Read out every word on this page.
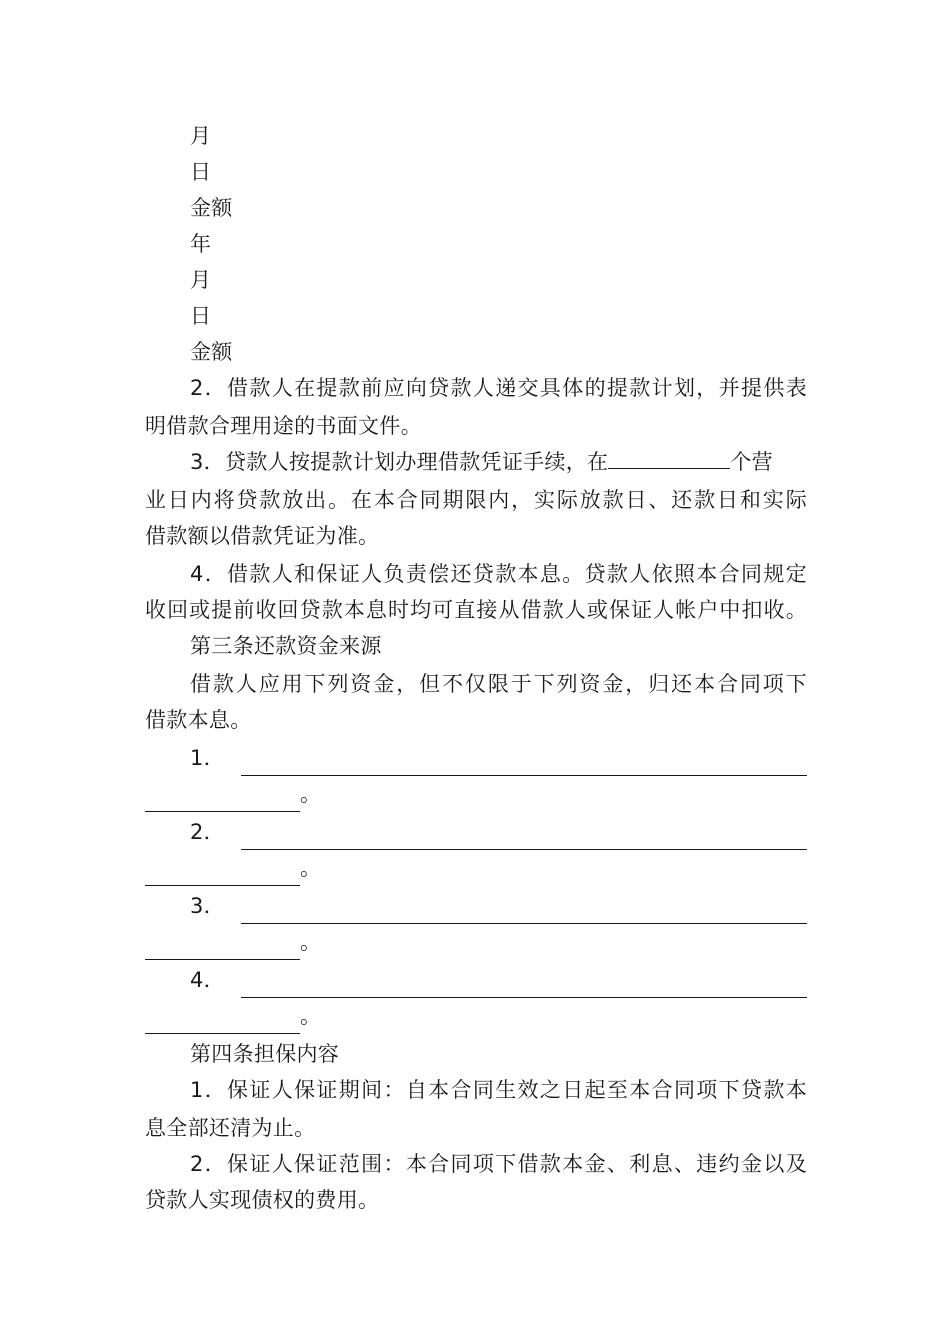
月
日
金额
年
月
日
金额
2．借款人在提款前应向贷款人递交具体的提款计划，并提供表
明借款合理用途的书面文件。
3．贷款人按提款计划办理借款凭证手续，在	个营
业日内将贷款放出。在本合同期限内，实际放款日、还款日和实际
借款额以借款凭证为准。
4．借款人和保证人负责偿还贷款本息。贷款人依照本合同规定
收回或提前收回贷款本息时均可直接从借款人或保证人帐户中扣收。
第三条还款资金来源
借款人应用下列资金，但不仅限于下列资金，归还本合同项下
借款本息。
1．
。
2．
。
3．
。
4．
。
第四条担保内容
1．保证人保证期间：自本合同生效之日起至本合同项下贷款本
息全部还清为止。
2．保证人保证范围：本合同项下借款本金、利息、违约金以及
贷款人实现债权的费用。
